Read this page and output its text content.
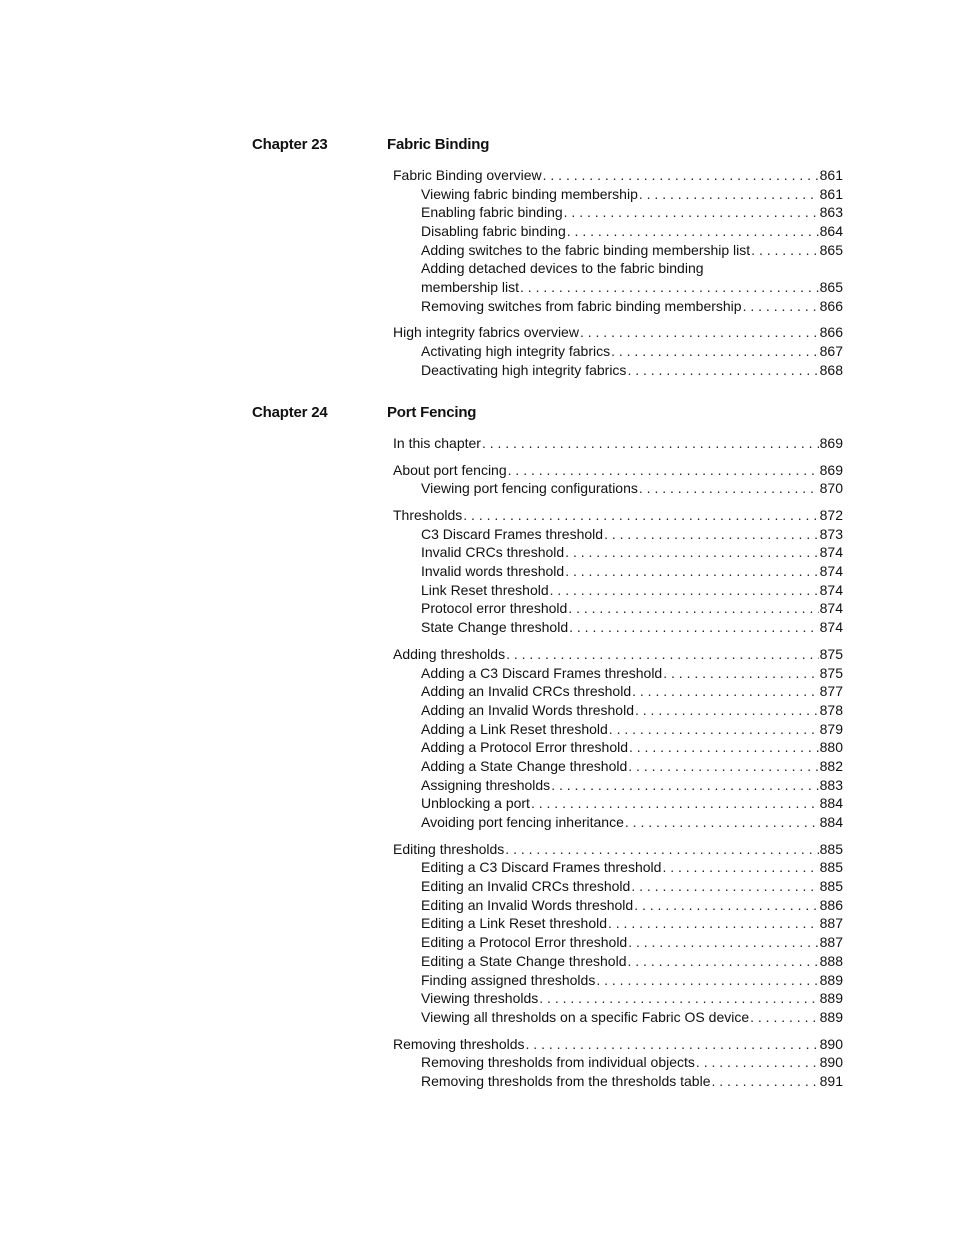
Chapter 23	Fabric Binding
Fabric Binding overview . . .	861
Viewing fabric binding membership . . .	861
Enabling fabric binding . . .	863
Disabling fabric binding . . .	864
Adding switches to the fabric binding membership list . . .	865
Adding detached devices to the fabric binding
membership list . . .	865
Removing switches from fabric binding membership . . .	866
High integrity fabrics overview . . .	866
Activating high integrity fabrics . . .	867
Deactivating high integrity fabrics . . .	868
Chapter 24	Port Fencing
In this chapter . . .	869
About port fencing . . .	869
Viewing port fencing configurations . . .	870
Thresholds . . .	872
C3 Discard Frames threshold . . .	873
Invalid CRCs threshold . . .	874
Invalid words threshold . . .	874
Link Reset threshold . . .	874
Protocol error threshold . . .	874
State Change threshold . . .	874
Adding thresholds . . .	875
Adding a C3 Discard Frames threshold . . .	875
Adding an Invalid CRCs threshold . . .	877
Adding an Invalid Words threshold . . .	878
Adding a Link Reset threshold . . .	879
Adding a Protocol Error threshold . . .	880
Adding a State Change threshold . . .	882
Assigning thresholds . . .	883
Unblocking a port . . .	884
Avoiding port fencing inheritance . . .	884
Editing thresholds . . .	885
Editing a C3 Discard Frames threshold . . .	885
Editing an Invalid CRCs threshold . . .	885
Editing an Invalid Words threshold . . .	886
Editing a Link Reset threshold . . .	887
Editing a Protocol Error threshold . . .	887
Editing a State Change threshold . . .	888
Finding assigned thresholds . . .	889
Viewing thresholds . . .	889
Viewing all thresholds on a specific Fabric OS device . . .	889
Removing thresholds . . .	890
Removing thresholds from individual objects . . .	890
Removing thresholds from the thresholds table . . .	891
